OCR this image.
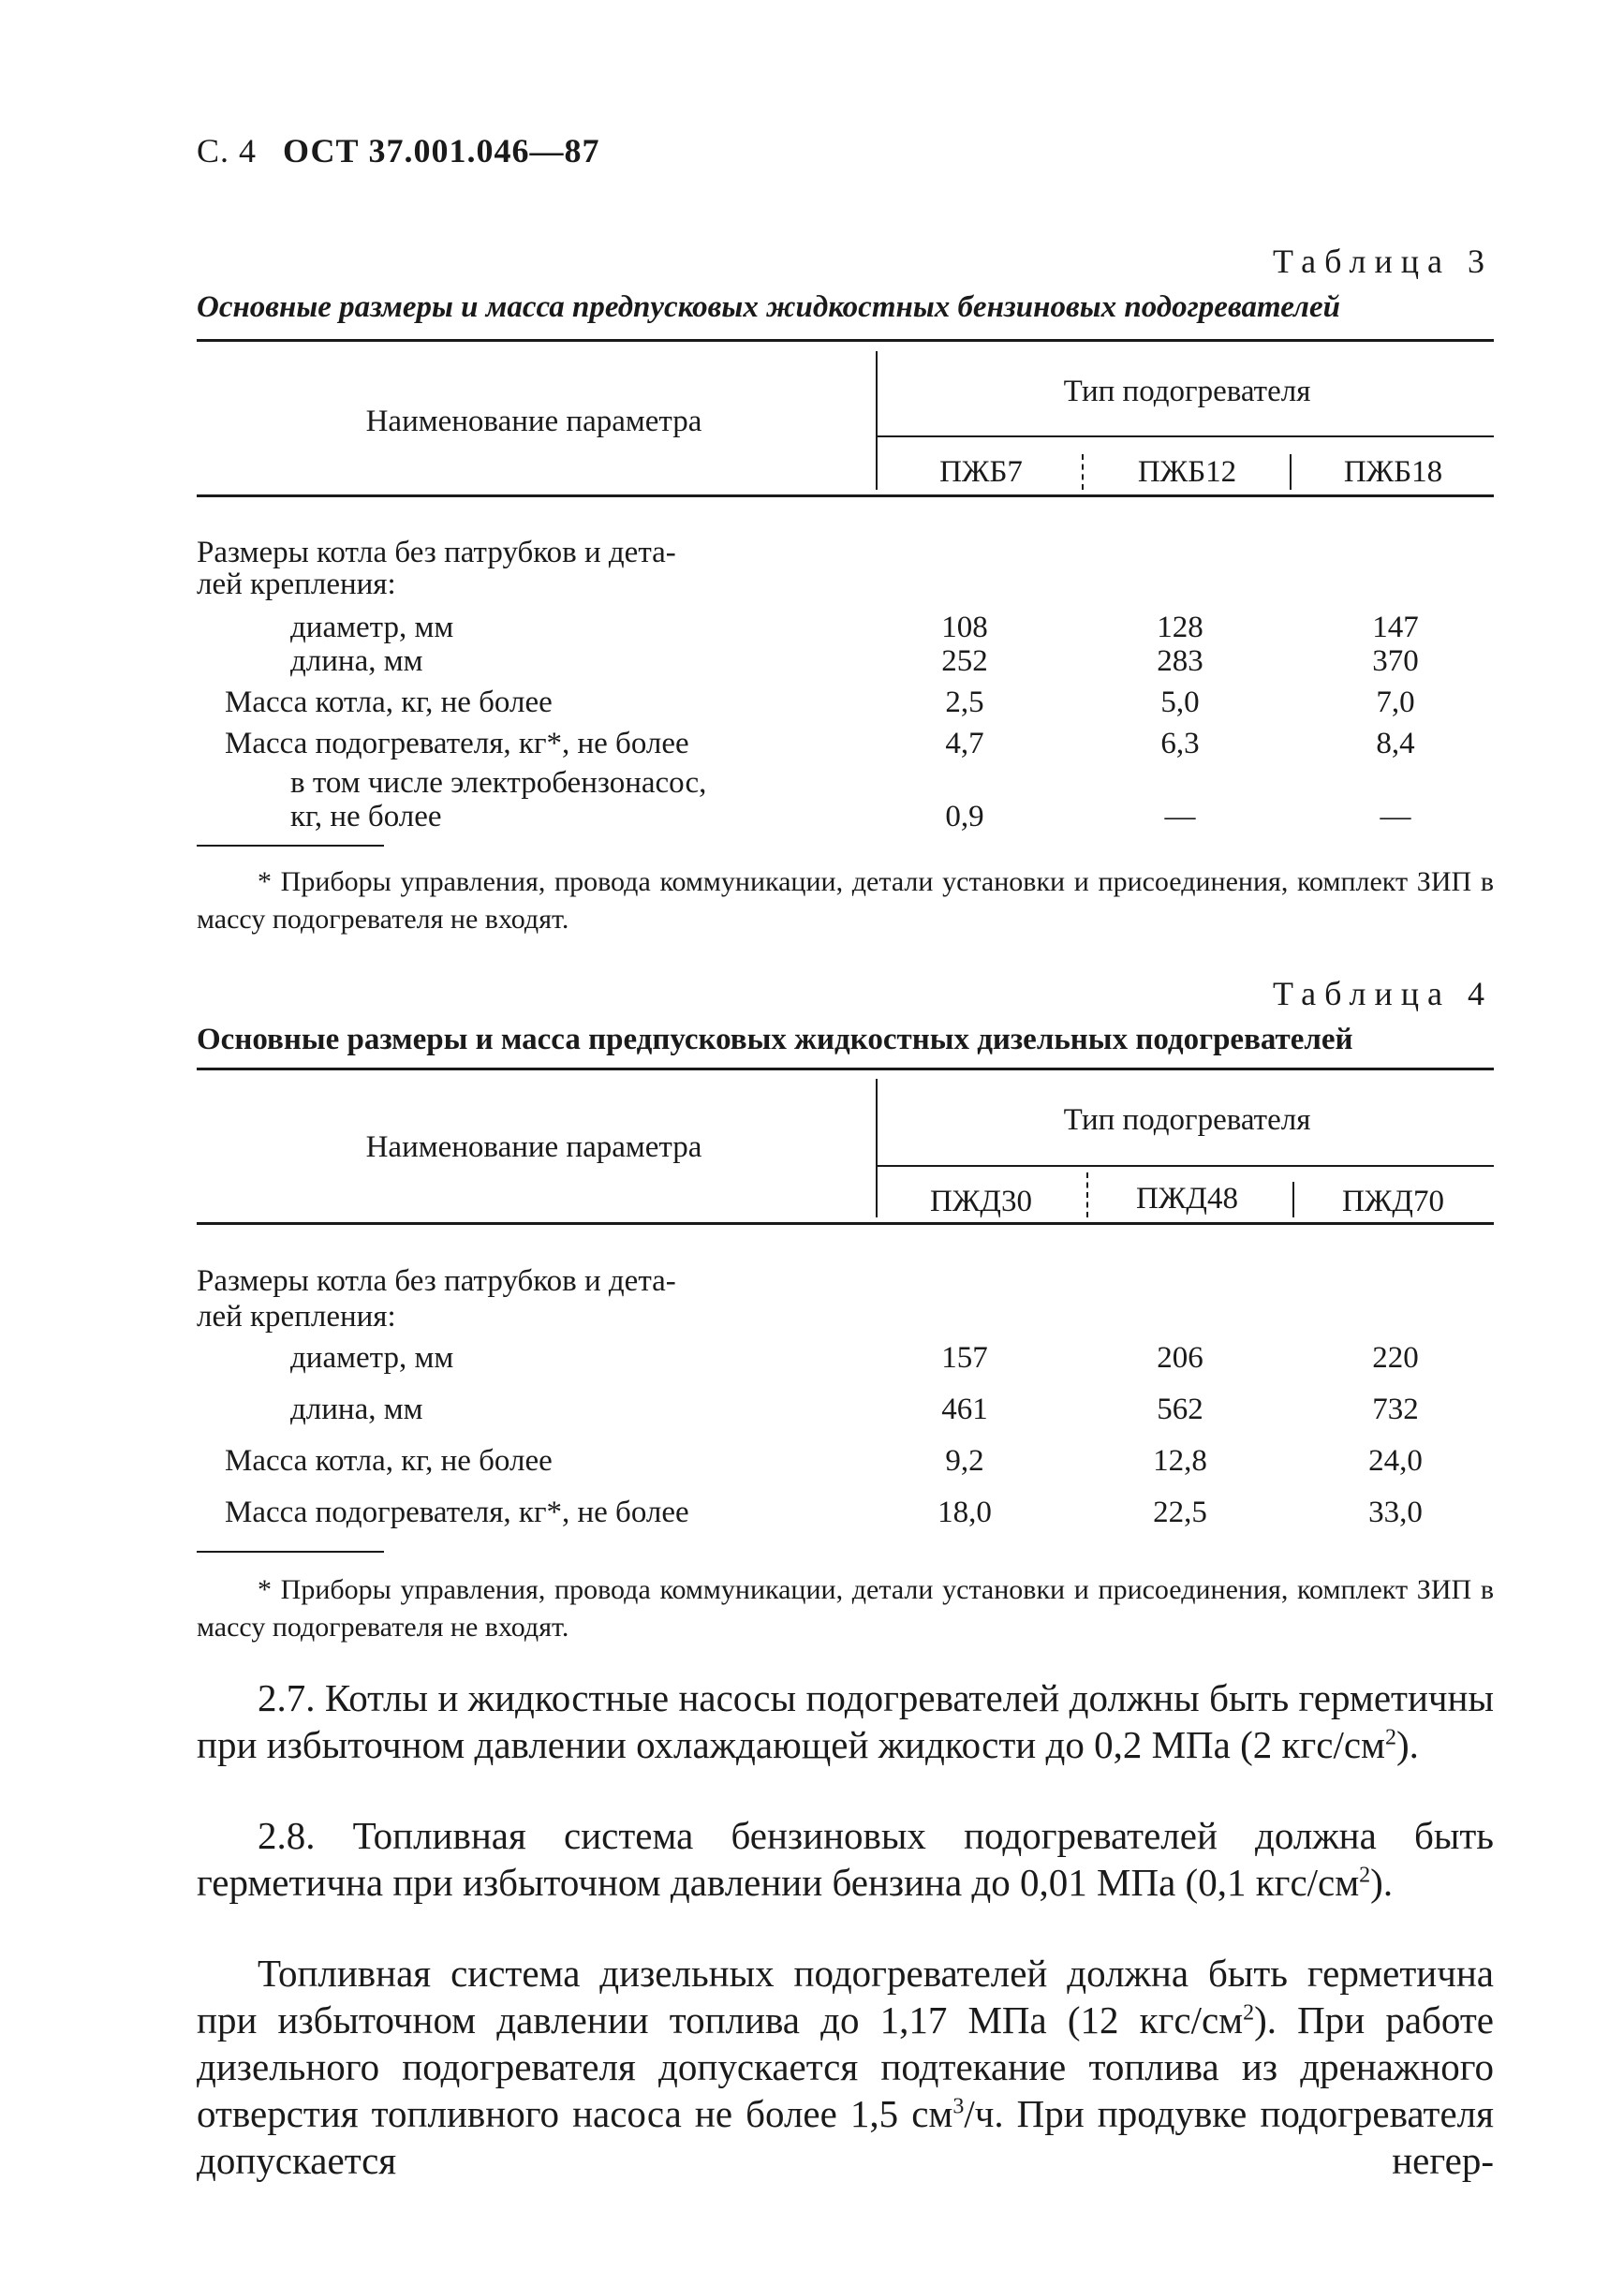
С. 4 ОСТ 37.001.046—87
Таблица 3
Основные размеры и масса предпусковых жидкостных бензиновых подогревателей
Наименование параметра
Тип подогревателя
ПЖБ7	ПЖБ12	ПЖБ18
Размеры котла без патрубков и дета-
лей крепления:
диаметр, мм	108	128	147
длина, мм	252	283	370
Масса котла, кг, не более	2,5	5,0	7,0
Масса подогревателя, кг*, не более	4,7	6,3	8,4
в том числе электробензонасос,
кг, не более	0,9	—	—
* Приборы управления, провода коммуникации, детали установки и присоединения, комплект ЗИП в массу подогревателя не входят.
Таблица 4
Основные размеры и масса предпусковых жидкостных дизельных подогревателей
Наименование параметра
Тип подогревателя
ПЖД30	ПЖД48	ПЖД70
Размеры котла без патрубков и дета-
лей крепления:
диаметр, мм	157	206	220
длина, мм	461	562	732
Масса котла, кг, не более	9,2	12,8	24,0
Масса подогревателя, кг*, не более	18,0	22,5	33,0
* Приборы управления, провода коммуникации, детали установки и присоединения, комплект ЗИП в массу подогревателя не входят.
2.7. Котлы и жидкостные насосы подогревателей должны быть герметичны при избыточном давлении охлаждающей жидкости до 0,2 МПа (2 кгс/$см^2$).
2.8. Топливная система бензиновых подогревателей должна быть герметична при избыточном давлении бензина до 0,01 МПа (0,1 кгс/$см^2$).
Топливная система дизельных подогревателей должна быть герметична при избыточном давлении топлива до 1,17 МПа (12 кгс/$см^2$). При работе дизельного подогревателя допускается подтекание топлива из дренажного отверстия топливного насоса не более 1,5 $см^3/ч$. При продувке подогревателя допускается негер-
